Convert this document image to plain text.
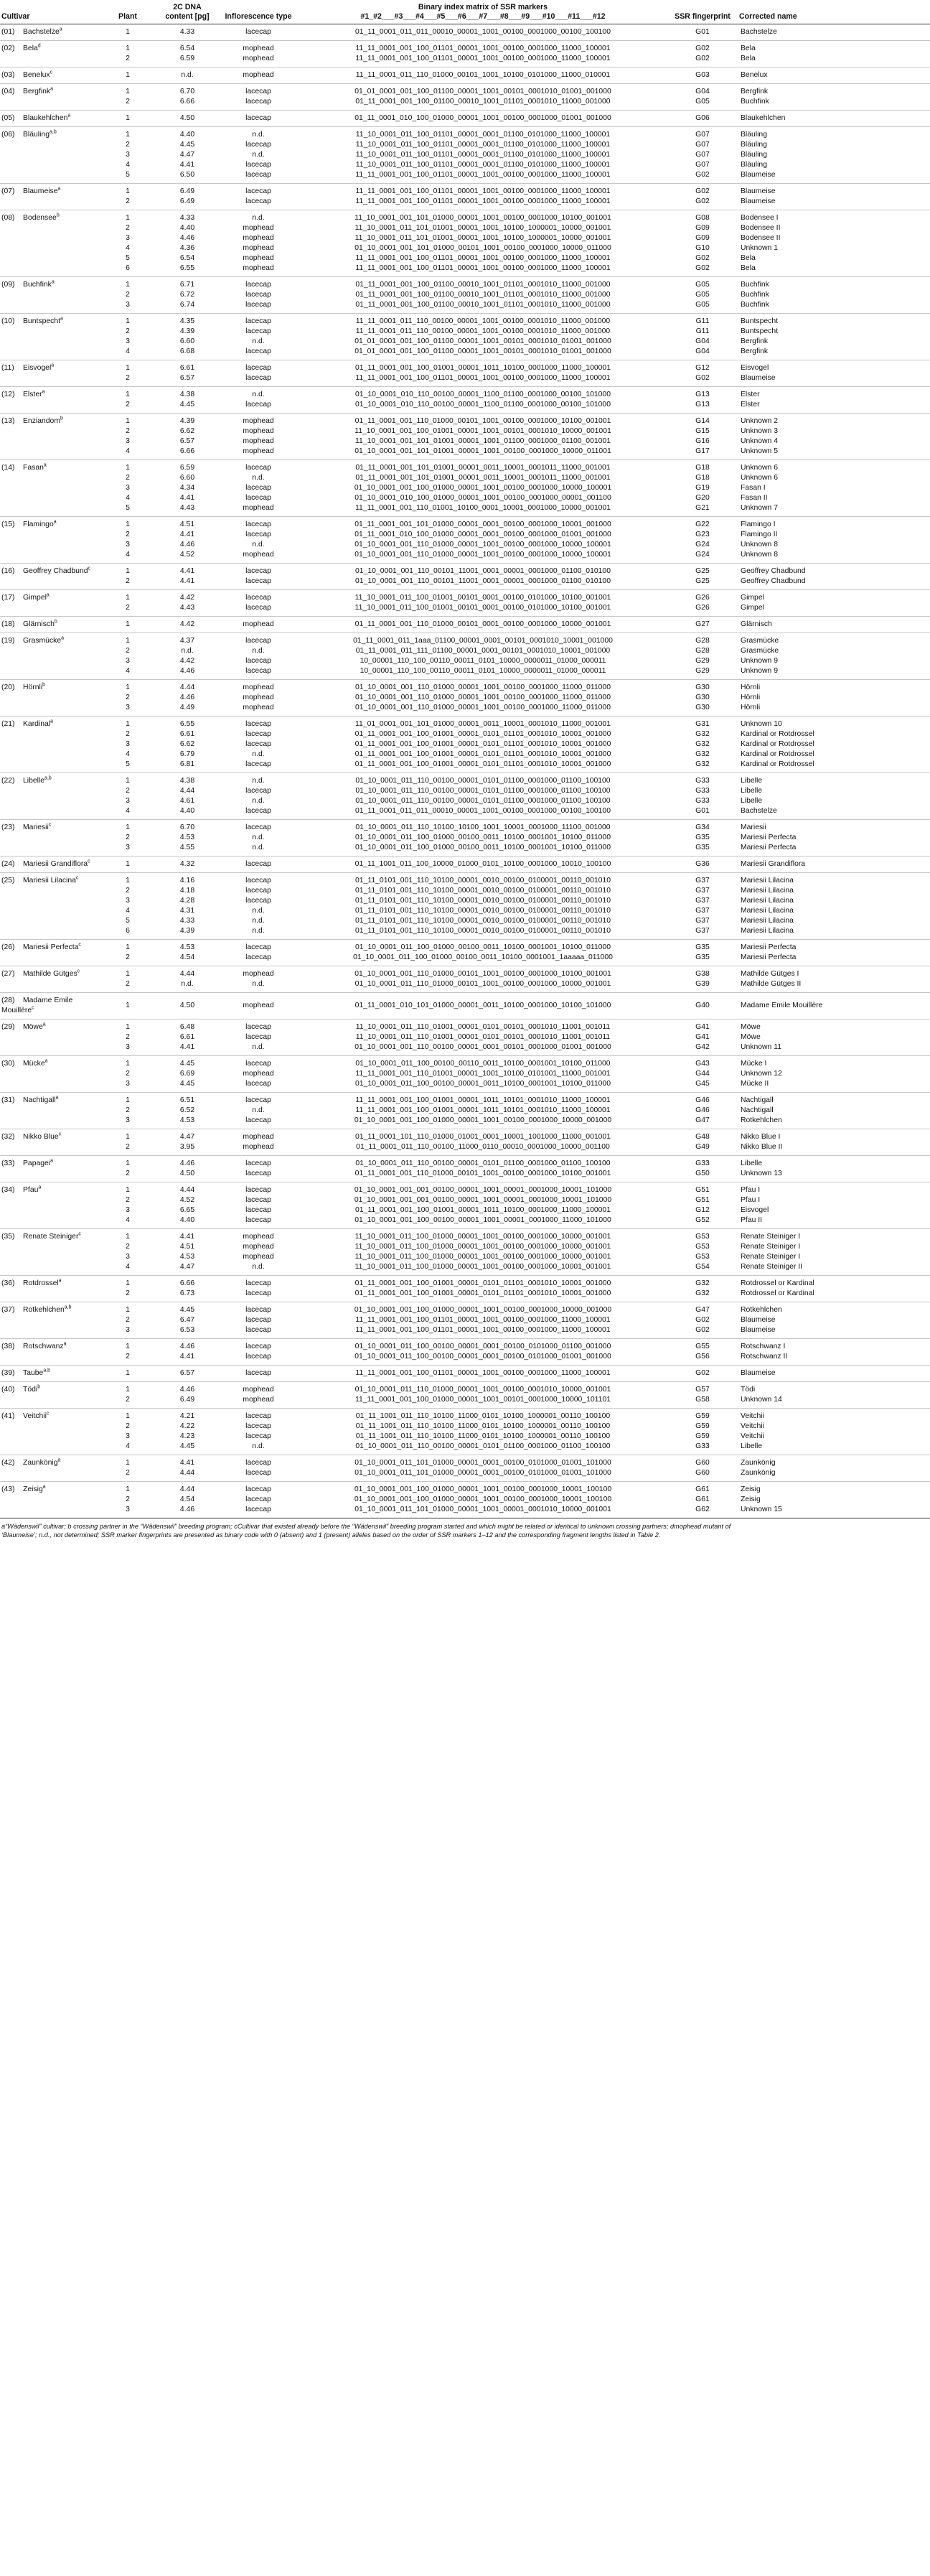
Cultivar	Plant	2C DNA content [pg]	Inflorescence type	Binary index matrix of SSR markers
#1_#2___#3___#4___#5___#6___#7___#8___#9___#10___#11___#12	SSR fingerprint	Corrected name
(01) Bachstelze$^a$	1	4.33	lacecap	01_11_0001_011_011_00010_00001_1001_00100_0001000_00100_100100	G01	Bachstelze
(02) Bela$^d$	1	6.54	mophead	11_11_0001_001_100_01101_00001_1001_00100_0001000_11000_100001	G02	Bela
	2	6.59	mophead	11_11_0001_001_100_01101_00001_1001_00100_0001000_11000_100001	G02	Bela
(03) Benelux$^c$	1	n.d.	mophead	11_11_0001_011_110_01000_00101_1001_10100_0101000_11000_010001	G03	Benelux
(04) Bergfink$^a$	1	6.70	lacecap	01_01_0001_001_100_01100_00001_1001_00101_0001010_01001_001000	G04	Bergfink
	2	6.66	lacecap	01_11_0001_001_100_01100_00010_1001_01101_0001010_11000_001000	G05	Buchfink
(05) Blaukehlchen$^a$	1	4.50	lacecap	01_11_0001_010_100_01000_00001_1001_00100_0001000_01001_001000	G06	Blaukehlchen
(06) Bläuling$^{a,b}$	1	4.40	n.d.	11_10_0001_011_100_01101_00001_0001_01100_0101000_11000_100001	G07	Bläuling
	2	4.45	lacecap	11_10_0001_011_100_01101_00001_0001_01100_0101000_11000_100001	G07	Bläuling
	3	4.47	n.d.	11_10_0001_011_100_01101_00001_0001_01100_0101000_11000_100001	G07	Bläuling
	4	4.41	lacecap	11_10_0001_011_100_01101_00001_0001_01100_0101000_11000_100001	G07	Bläuling
	5	6.50	lacecap	11_11_0001_001_100_01101_00001_1001_00100_0001000_11000_100001	G02	Blaumeise
(07) Blaumeise$^a$	1	6.49	lacecap	11_11_0001_001_100_01101_00001_1001_00100_0001000_11000_100001	G02	Blaumeise
	2	6.49	lacecap	11_11_0001_001_100_01101_00001_1001_00100_0001000_11000_100001	G02	Blaumeise
(08) Bodensee$^b$	1	4.33	n.d.	11_10_0001_001_101_01000_00001_1001_00100_0001000_10100_001001	G08	Bodensee I
	2	4.40	mophead	11_10_0001_011_101_01001_00001_1001_10100_1000001_10000_001001	G09	Bodensee II
	3	4.46	mophead	11_10_0001_011_101_01001_00001_1001_10100_1000001_10000_001001	G09	Bodensee II
	4	4.36	mophead	01_10_0001_001_101_01000_00101_1001_00100_0001000_10000_011000	G10	Unknown 1
	5	6.54	mophead	11_11_0001_001_100_01101_00001_1001_00100_0001000_11000_100001	G02	Bela
	6	6.55	mophead	11_11_0001_001_100_01101_00001_1001_00100_0001000_11000_100001	G02	Bela
(09) Buchfink$^a$	1	6.71	lacecap	01_11_0001_001_100_01100_00010_1001_01101_0001010_11000_001000	G05	Buchfink
	2	6.72	lacecap	01_11_0001_001_100_01100_00010_1001_01101_0001010_11000_001000	G05	Buchfink
	3	6.74	lacecap	01_11_0001_001_100_01100_00010_1001_01101_0001010_11000_001000	G05	Buchfink
(10) Buntspecht$^a$	1	4.35	lacecap	11_11_0001_011_110_00100_00001_1001_00100_0001010_11000_001000	G11	Buntspecht
	2	4.39	lacecap	11_11_0001_011_110_00100_00001_1001_00100_0001010_11000_001000	G11	Buntspecht
	3	6.60	n.d.	01_01_0001_001_100_01100_00001_1001_00101_0001010_01001_001000	G04	Bergfink
	4	6.68	lacecap	01_01_0001_001_100_01100_00001_1001_00101_0001010_01001_001000	G04	Bergfink
(11) Eisvogel$^a$	1	6.61	lacecap	01_11_0001_001_100_01001_00001_1011_10100_0001000_11000_100001	G12	Eisvogel
	2	6.57	lacecap	11_11_0001_001_100_01101_00001_1001_00100_0001000_11000_100001	G02	Blaumeise
(12) Elster$^a$	1	4.38	n.d.	01_10_0001_010_110_00100_00001_1100_01100_0001000_00100_101000	G13	Elster
	2	4.45	lacecap	01_10_0001_010_110_00100_00001_1100_01100_0001000_00100_101000	G13	Elster
(13) Enziandom$^b$	1	4.39	mophead	01_11_0001_001_110_01000_00101_1001_00100_0001000_10100_001001	G14	Unknown 2
	2	6.62	mophead	11_10_0001_001_100_01001_00001_1001_00101_0001010_10000_001001	G15	Unknown 3
	3	6.57	mophead	11_10_0001_001_101_01001_00001_1001_01100_0001000_01100_001001	G16	Unknown 4
	4	6.66	mophead	01_10_0001_001_101_01001_00001_1001_00100_0001000_10000_011001	G17	Unknown 5
(14) Fasan$^a$	1	6.59	lacecap	01_11_0001_001_101_01001_00001_0011_10001_0001011_11000_001001	G18	Unknown 6
	2	6.60	n.d.	01_11_0001_001_101_01001_00001_0011_10001_0001011_11000_001001	G18	Unknown 6
	3	4.34	lacecap	01_10_0001_001_100_01000_00001_1001_00100_0001000_10000_100001	G19	Fasan I
	4	4.41	lacecap	01_10_0001_010_100_01000_00001_1001_00100_0001000_00001_001100	G20	Fasan II
	5	4.43	mophead	11_11_0001_001_110_01001_10100_0001_10001_0001000_10000_001001	G21	Unknown 7
(15) Flamingo$^a$	1	4.51	lacecap	01_11_0001_001_101_01000_00001_0001_00100_0001000_10001_001000	G22	Flamingo I
	2	4.41	lacecap	01_11_0001_010_100_01000_00001_0001_00100_0001000_01001_001000	G23	Flamingo II
	3	4.46	n.d.	01_10_0001_001_110_01000_00001_1001_00100_0001000_10000_100001	G24	Unknown 8
	4	4.52	mophead	01_10_0001_001_110_01000_00001_1001_00100_0001000_10000_100001	G24	Unknown 8
(16) Geoffrey Chadbund$^c$	1	4.41	lacecap	01_10_0001_001_110_00101_11001_0001_00001_0001000_01100_010100	G25	Geoffrey Chadbund
	2	4.41	lacecap	01_10_0001_001_110_00101_11001_0001_00001_0001000_01100_010100	G25	Geoffrey Chadbund
(17) Gimpel$^a$	1	4.42	lacecap	11_10_0001_011_100_01001_00101_0001_00100_0101000_10100_001001	G26	Gimpel
	2	4.43	lacecap	11_10_0001_011_100_01001_00101_0001_00100_0101000_10100_001001	G26	Gimpel
(18) Glärnisch$^b$	1	4.42	mophead	01_11_0001_001_110_01000_00101_0001_00100_0001000_10000_001001	G27	Glärnisch
(19) Grasmücke$^a$	1	4.37	lacecap	01_11_0001_011_1ааа_01100_00001_0001_00101_0001010_10001_001000	G28	Grasmücke
	2	n.d.	n.d.	01_11_0001_011_111_01100_00001_0001_00101_0001010_10001_001000	G28	Grasmücke
	3	4.42	lacecap	10_00001_110_100_00110_00011_0101_10000_0000011_01000_000011	G29	Unknown 9
	4	4.46	lacecap	10_00001_110_100_00110_00011_0101_10000_0000011_01000_000011	G29	Unknown 9
(20) Hörnli$^b$	1	4.44	mophead	01_10_0001_001_110_01000_00001_1001_00100_0001000_11000_011000	G30	Hörnli
	2	4.46	mophead	01_10_0001_001_110_01000_00001_1001_00100_0001000_11000_011000	G30	Hörnli
	3	4.49	mophead	01_10_0001_001_110_01000_00001_1001_00100_0001000_11000_011000	G30	Hörnli
(21) Kardinal$^a$	1	6.55	lacecap	11_01_0001_001_101_01000_00001_0011_10001_0001010_11000_001001	G31	Unknown 10
	2	6.61	lacecap	01_11_0001_001_100_01001_00001_0101_01101_0001010_10001_001000	G32	Kardinal or Rotdrossel
	3	6.62	lacecap	01_11_0001_001_100_01001_00001_0101_01101_0001010_10001_001000	G32	Kardinal or Rotdrossel
	4	6.79	n.d.	01_11_0001_001_100_01001_00001_0101_01101_0001010_10001_001000	G32	Kardinal or Rotdrossel
	5	6.81	lacecap	01_11_0001_001_100_01001_00001_0101_01101_0001010_10001_001000	G32	Kardinal or Rotdrossel
(22) Libelle$^{a,b}$	1	4.38	n.d.	01_10_0001_011_110_00100_00001_0101_01100_0001000_01100_100100	G33	Libelle
	2	4.44	lacecap	01_10_0001_011_110_00100_00001_0101_01100_0001000_01100_100100	G33	Libelle
	3	4.61	n.d.	01_10_0001_011_110_00100_00001_0101_01100_0001000_01100_100100	G33	Libelle
	4	4.40	lacecap	01_11_0001_011_011_00010_00001_1001_00100_0001000_00100_100100	G01	Bachstelze
(23) Mariesii$^c$	1	6.70	lacecap	01_10_0001_011_110_10100_10100_1001_10001_0001000_11100_001000	G34	Mariesii
	2	4.53	n.d.	01_10_0001_011_100_01000_00100_0011_10100_0001001_10100_011000	G35	Mariesii Perfecta
	3	4.55	n.d.	01_10_0001_011_100_01000_00100_0011_10100_0001001_10100_011000	G35	Mariesii Perfecta
(24) Mariesii Grandiflora$^c$	1	4.32	lacecap	01_11_1001_011_100_10000_01000_0101_10100_0001000_10010_100100	G36	Mariesii Grandiflora
(25) Mariesii Lilacina$^c$	1	4.16	lacecap	01_11_0101_001_110_10100_00001_0010_00100_0100001_00110_001010	G37	Mariesii Lilacina
	2	4.18	lacecap	01_11_0101_001_110_10100_00001_0010_00100_0100001_00110_001010	G37	Mariesii Lilacina
	3	4.28	lacecap	01_11_0101_001_110_10100_00001_0010_00100_0100001_00110_001010	G37	Mariesii Lilacina
	4	4.31	n.d.	01_11_0101_001_110_10100_00001_0010_00100_0100001_00110_001010	G37	Mariesii Lilacina
	5	4.33	n.d.	01_11_0101_001_110_10100_00001_0010_00100_0100001_00110_001010	G37	Mariesii Lilacina
	6	4.39	n.d.	01_11_0101_001_110_10100_00001_0010_00100_0100001_00110_001010	G37	Mariesii Lilacina
(26) Mariesii Perfecta$^c$	1	4.53	lacecap	01_10_0001_011_100_01000_00100_0011_10100_0001001_10100_011000	G35	Mariesii Perfecta
	2	4.54	lacecap	01_10_0001_011_100_01000_00100_0011_10100_0001001_1ааааа_011000	G35	Mariesii Perfecta
(27) Mathilde Gütges$^c$	1	4.44	mophead	01_10_0001_001_110_01000_00101_1001_00100_0001000_10100_001001	G38	Mathilde Gütges I
	2	n.d.	n.d.	01_10_0001_011_110_01000_00101_1001_00100_0001000_10000_001001	G39	Mathilde Gütges II
(28) Madame Emile Mouillère$^c$	1	4.50	mophead	01_11_0001_010_101_01000_00001_0011_10100_0001000_10100_101000	G40	Madame Emile Mouillère
(29) Möwe$^a$	1	6.48	lacecap	11_10_0001_011_110_01001_00001_0101_00101_0001010_11001_001011	G41	Möwe
	2	6.61	lacecap	11_10_0001_011_110_01001_00001_0101_00101_0001010_11001_001011	G41	Möwe
	3	4.41	n.d.	01_10_0001_001_110_00100_00001_0001_00101_0001000_01001_001000	G42	Unknown 11
(30) Mücke$^a$	1	4.45	lacecap	01_10_0001_011_100_00100_00110_0011_10100_0001001_10100_011000	G43	Mücke I
	2	6.69	mophead	11_11_0001_001_110_01001_00001_1001_10100_0101001_11000_001001	G44	Unknown 12
	3	4.45	lacecap	01_10_0001_011_100_00100_00001_0011_10100_0001001_10100_011000	G45	Mücke II
(31) Nachtigall$^a$	1	6.51	lacecap	11_11_0001_001_100_01001_00001_1011_10101_0001010_11000_100001	G46	Nachtigall
	2	6.52	n.d.	11_11_0001_001_100_01001_00001_1011_10101_0001010_11000_100001	G46	Nachtigall
	3	4.53	lacecap	01_10_0001_001_100_01000_00001_1001_00100_0001000_10000_001000	G47	Rotkehlchen
(32) Nikko Blue$^c$	1	4.47	mophead	01_11_0001_101_110_01000_01001_0001_10001_1001000_11000_001001	G48	Nikko Blue I
	2	3.95	mophead	01_11_0001_011_110_00100_11000_0110_00010_0001000_10000_001100	G49	Nikko Blue II
(33) Papagei$^a$	1	4.46	lacecap	01_10_0001_011_110_00100_00001_0101_01100_0001000_01100_100100	G33	Libelle
	2	4.50	lacecap	01_11_0001_001_110_01000_00101_1001_00100_0001000_10100_001001	G50	Unknown 13
(34) Pfau$^a$	1	4.44	lacecap	01_10_0001_001_001_00100_00001_1001_00001_0001000_10001_101000	G51	Pfau I
	2	4.52	lacecap	01_10_0001_001_001_00100_00001_1001_00001_0001000_10001_101000	G51	Pfau I
	3	6.65	lacecap	01_11_0001_001_100_01001_00001_1011_10100_0001000_11000_100001	G12	Eisvogel
	4	4.40	lacecap	01_10_0001_001_100_00100_00001_1001_00001_0001000_11000_101000	G52	Pfau II
(35) Renate Steiniger$^c$	1	4.41	mophead	11_10_0001_011_100_01000_00001_1001_00100_0001000_10000_001001	G53	Renate Steiniger I
	2	4.51	mophead	11_10_0001_011_100_01000_00001_1001_00100_0001000_10000_001001	G53	Renate Steiniger I
	3	4.53	mophead	11_10_0001_011_100_01000_00001_1001_00100_0001000_10000_001001	G53	Renate Steiniger I
	4	4.47	n.d.	11_10_0001_011_100_01000_00001_1001_00100_0001000_10001_001001	G54	Renate Steiniger II
(36) Rotdrossel$^a$	1	6.66	lacecap	01_11_0001_001_100_01001_00001_0101_01101_0001010_10001_001000	G32	Rotdrossel or Kardinal
	2	6.73	lacecap	01_11_0001_001_100_01001_00001_0101_01101_0001010_10001_001000	G32	Rotdrossel or Kardinal
(37) Rotkehlchen$^{a,b}$	1	4.45	lacecap	01_10_0001_001_100_01000_00001_1001_00100_0001000_10000_001000	G47	Rotkehlchen
	2	6.47	lacecap	11_11_0001_001_100_01101_00001_1001_00100_0001000_11000_100001	G02	Blaumeise
	3	6.53	lacecap	11_11_0001_001_100_01101_00001_1001_00100_0001000_11000_100001	G02	Blaumeise
(38) Rotschwanz$^a$	1	4.46	lacecap	01_10_0001_011_100_00100_00001_0001_00100_0101000_01100_001000	G55	Rotschwanz I
	2	4.41	lacecap	01_10_0001_011_100_00100_00001_0001_00100_0101000_01001_001000	G56	Rotschwanz II
(39) Taube$^{a,b}$	1	6.57	lacecap	11_11_0001_001_100_01101_00001_1001_00100_0001000_11000_100001	G02	Blaumeise
(40) Tödi$^b$	1	4.46	mophead	01_10_0001_011_110_01000_00001_1001_00100_0001010_10000_001001	G57	Tödi
	2	6.49	mophead	11_11_0001_001_100_01000_00001_1001_00101_0001000_10000_101101	G58	Unknown 14
(41) Veitchii$^c$	1	4.21	lacecap	01_11_1001_011_110_10100_11000_0101_10100_1000001_00110_100100	G59	Veitchii
	2	4.22	lacecap	01_11_1001_011_110_10100_11000_0101_10100_1000001_00110_100100	G59	Veitchii
	3	4.23	lacecap	01_11_1001_011_110_10100_11000_0101_10100_1000001_00110_100100	G59	Veitchii
	4	4.45	n.d.	01_10_0001_011_110_00100_00001_0101_01100_0001000_01100_100100	G33	Libelle
(42) Zaunkönig$^a$	1	4.41	lacecap	01_10_0001_011_101_01000_00001_0001_00100_0101000_01001_101000	G60	Zaunkönig
	2	4.44	lacecap	01_10_0001_011_101_01000_00001_0001_00100_0101000_01001_101000	G60	Zaunkönig
(43) Zeisig$^a$	1	4.44	lacecap	01_10_0001_001_100_01000_00001_1001_00100_0001000_10001_100100	G61	Zeisig
	2	4.54	lacecap	01_10_0001_001_100_01000_00001_1001_00100_0001000_10001_100100	G61	Zeisig
	3	4.46	lacecap	01_10_0001_011_101_01000_00001_1001_00001_0001010_10000_001001	G62	Unknown 15
a“Wädenswil” cultivar; b crossing partner in the “Wädenswil” breeding program; cCultivar that existed already before the “Wädenswil” breeding program started and which might be related or identical to unknown crossing partners; dmophead mutant of ‘Blaumeise’; n.d., not determined; SSR marker fingerprints are presented as binary code with 0 (absent) and 1 (present) alleles based on the order of SSR markers 1–12 and the corresponding fragment lengths listed in Table 2.
